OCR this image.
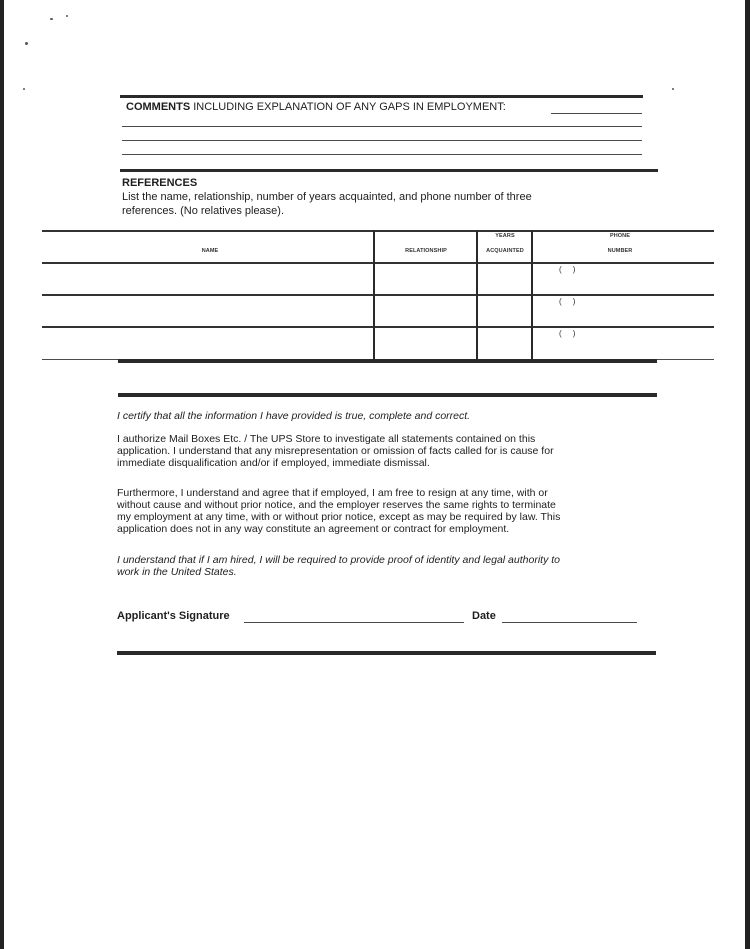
COMMENTS INCLUDING EXPLANATION OF ANY GAPS IN EMPLOYMENT:
REFERENCES
List the name, relationship, number of years acquainted, and phone number of three
references. (No relatives please).
NAME	RELATIONSHIP
YEARS
ACQUAINTED
PHONE
NUMBER
(     )
(     )
(     )
I certify that all the information I have provided is true, complete and correct.
I authorize Mail Boxes Etc. / The UPS Store to investigate all statements contained on this
application. I understand that any misrepresentation or omission of facts called for is cause for
immediate disqualification and/or if employed, immediate dismissal.
Furthermore, I understand and agree that if employed, I am free to resign at any time, with or
without cause and without prior notice, and the employer reserves the same rights to terminate
my employment at any time, with or without prior notice, except as may be required by law. This
application does not in any way constitute an agreement or contract for employment.
I understand that if I am hired, I will be required to provide proof of identity and legal authority to
work in the United States.
Applicant's Signature	Date
